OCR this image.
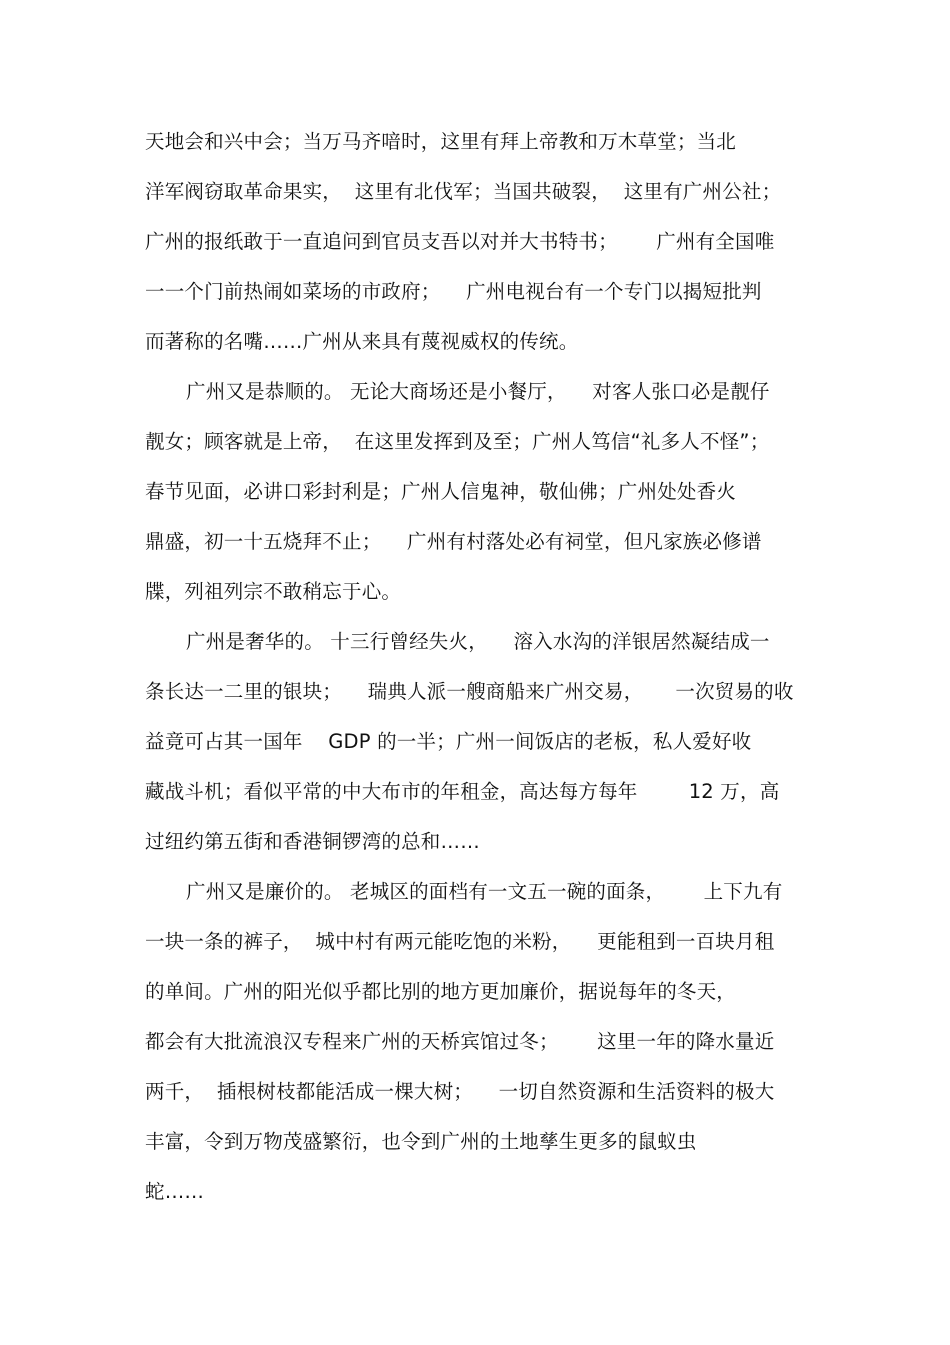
天地会和兴中会；当万马齐喑时，这里有拜上帝教和万木草堂；当北

洋军阀窃取革命果实，  这里有北伐军；当国共破裂，  这里有广州公社；

广州的报纸敢于一直追问到官员支吾以对并大书特书；      广州有全国唯

一一个门前热闹如菜场的市政府；    广州电视台有一个专门以揭短批判

而著称的名嘴……广州从来具有蔑视威权的传统。

广州又是恭顺的。 无论大商场还是小餐厅，    对客人张口必是靓仔

靓女；顾客就是上帝，  在这里发挥到及至；广州人笃信“礼多人不怪”；

春节见面，必讲口彩封利是；广州人信鬼神，敬仙佛；广州处处香火

鼎盛，初一十五烧拜不止；    广州有村落处必有祠堂，但凡家族必修谱

牒，列祖列宗不敢稍忘于心。

广州是奢华的。 十三行曾经失火，    溶入水沟的洋银居然凝结成一

条长达一二里的银块；    瑞典人派一艘商船来广州交易，     一次贸易的收

益竟可占其一国年    GDP 的一半；广州一间饭店的老板，私人爱好收

藏战斗机；看似平常的中大布市的年租金，高达每方每年        12 万，高

过纽约第五街和香港铜锣湾的总和……

广州又是廉价的。 老城区的面档有一文五一碗的面条，      上下九有

一块一条的裤子，  城中村有两元能吃饱的米粉，    更能租到一百块月租

的单间。广州的阳光似乎都比别的地方更加廉价，据说每年的冬天，

都会有大批流浪汉专程来广州的天桥宾馆过冬；      这里一年的降水量近

两千，  插根树枝都能活成一棵大树；    一切自然资源和生活资料的极大

丰富，令到万物茂盛繁衍，也令到广州的土地孳生更多的鼠蚁虫

蛇……
